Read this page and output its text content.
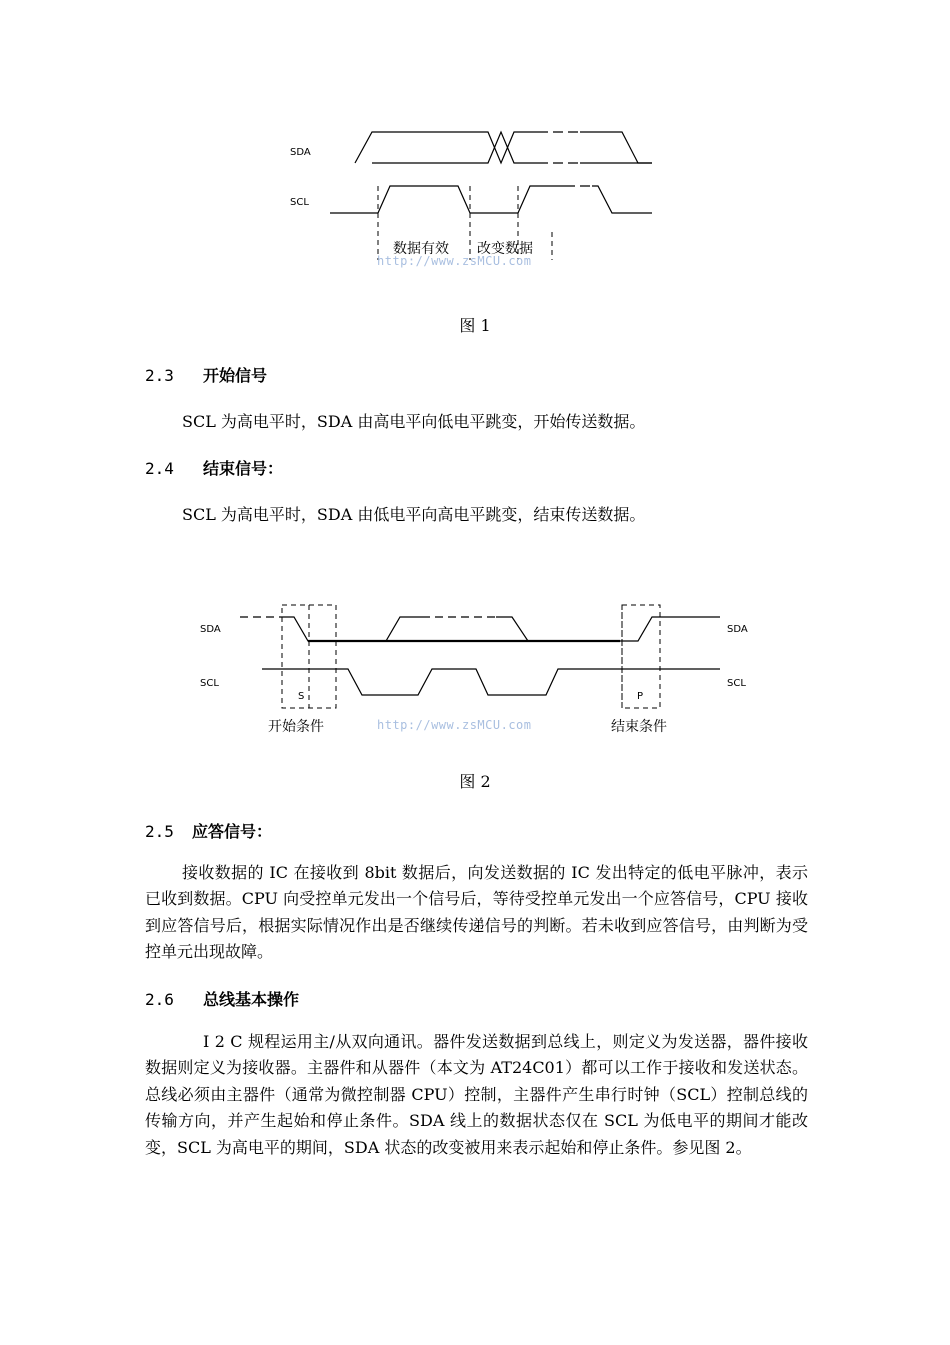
SDA
SCL
数据有效 改变数据
http://www.zsMCU.com
图 1
2.3 开始信号
SCL 为高电平时，SDA 由高电平向低电平跳变，开始传送数据。
2.4 结束信号：
SCL 为高电平时，SDA 由低电平向高电平跳变，结束传送数据。
SDA
SCL
SDA
SCL
S	P
开始条件	结束条件
http://www.zsMCU.com
图 2
2.5 应答信号：
接收数据的 IC 在接收到 8bit 数据后，向发送数据的 IC 发出特定的低电平脉冲，表示已收到数据。CPU 向受控单元发出一个信号后，等待受控单元发出一个应答信号，CPU 接收到应答信号后，根据实际情况作出是否继续传递信号的判断。若未收到应答信号，由判断为受控单元出现故障。
2.6 总线基本操作
I 2 C 规程运用主/从双向通讯。器件发送数据到总线上，则定义为发送器，器件接收数据则定义为接收器。主器件和从器件（本文为 AT24C01）都可以工作于接收和发送状态。 总线必须由主器件（通常为微控制器 CPU）控制，主器件产生串行时钟（SCL）控制总线的传输方向，并产生起始和停止条件。SDA 线上的数据状态仅在 SCL 为低电平的期间才能改变，SCL 为高电平的期间，SDA 状态的改变被用来表示起始和停止条件。参见图 2。
